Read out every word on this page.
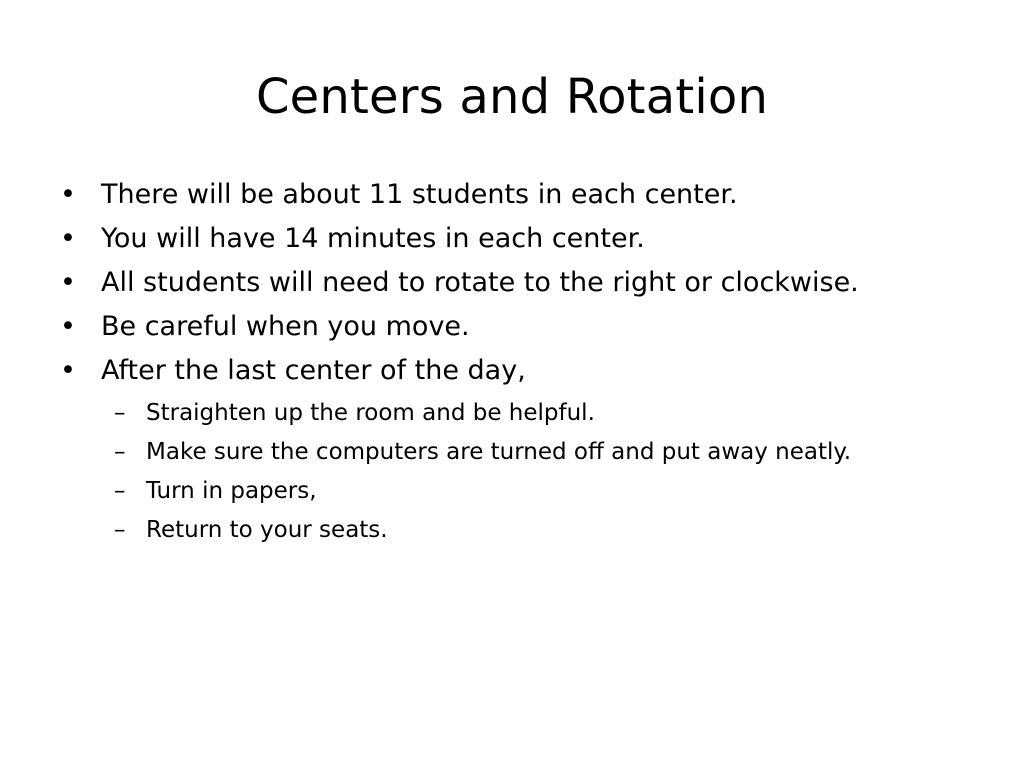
Centers and Rotation
• There will be about 11 students in each center.
• You will have 14 minutes in each center.
• All students will need to rotate to the right or clockwise.
• Be careful when you move.
• After the last center of the day,
– Straighten up the room and be helpful.
– Make sure the computers are turned off and put away neatly.
– Turn in papers,
– Return to your seats.
